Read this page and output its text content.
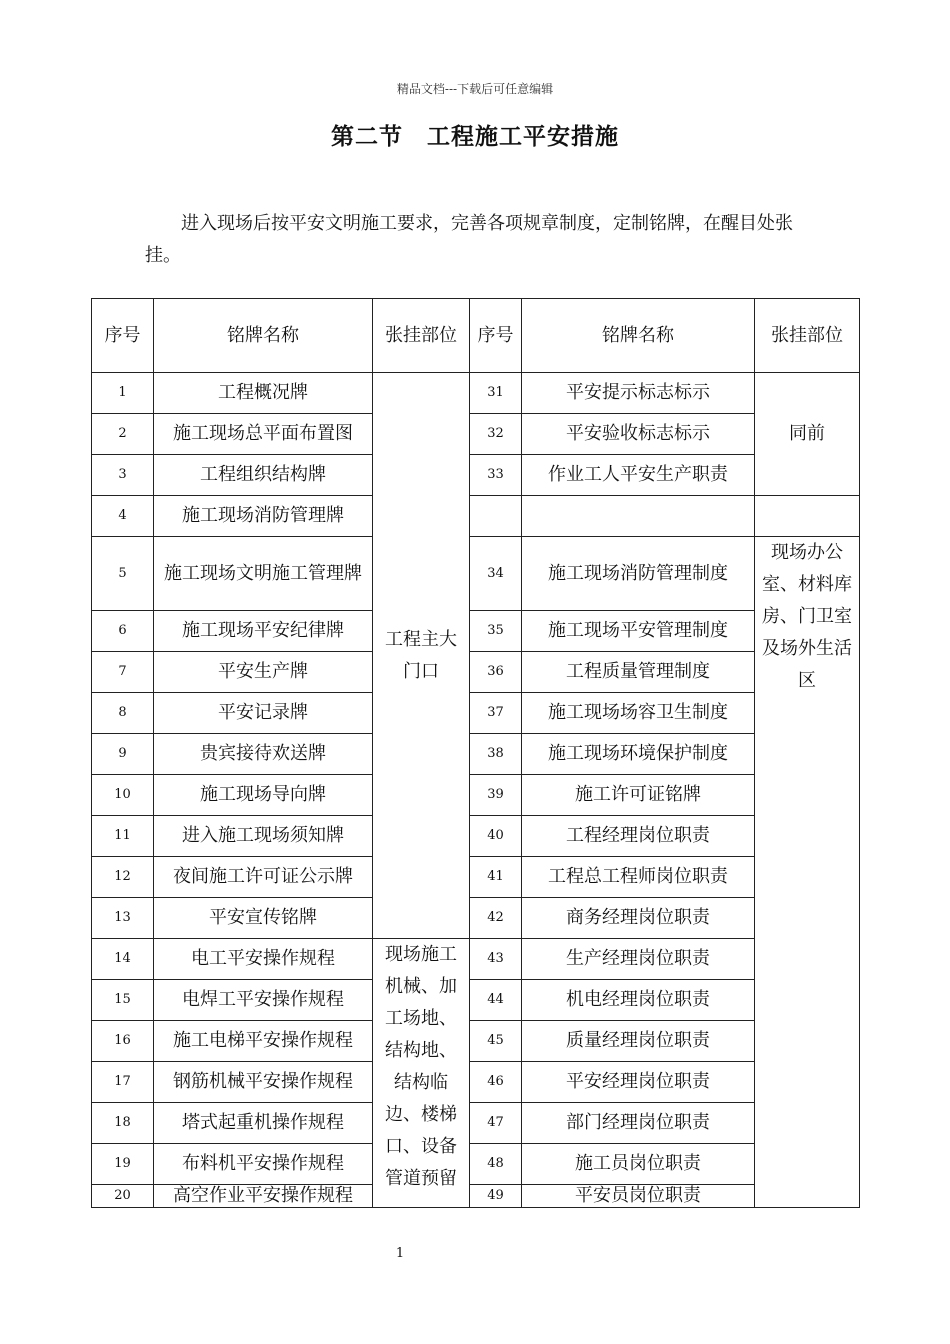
精品文档---下载后可任意编辑
第二节　工程施工平安措施
进入现场后按平安文明施工要求，完善各项规章制度，定制铭牌，在醒目处张挂。
序号	铭牌名称	张挂部位	序号	铭牌名称	张挂部位
1	工程概况牌	工程主大门口	31	平安提示标志标示	同前
2	施工现场总平面布置图		32	平安验收标志标示	
3	工程组织结构牌		33	作业工人平安生产职责	
4	施工现场消防管理牌				
5	施工现场文明施工管理牌		34	施工现场消防管理制度	现场办公室、材料库房、门卫室及场外生活区
6	施工现场平安纪律牌		35	施工现场平安管理制度	
7	平安生产牌		36	工程质量管理制度	
8	平安记录牌		37	施工现场场容卫生制度	
9	贵宾接待欢送牌		38	施工现场环境保护制度	
10	施工现场导向牌		39	施工许可证铭牌	
11	进入施工现场须知牌		40	工程经理岗位职责	
12	夜间施工许可证公示牌		41	工程总工程师岗位职责	
13	平安宣传铭牌		42	商务经理岗位职责	
14	电工平安操作规程	现场施工机械、加工场地、结构地、结构临边、楼梯口、设备管道预留	43	生产经理岗位职责	
15	电焊工平安操作规程		44	机电经理岗位职责	
16	施工电梯平安操作规程		45	质量经理岗位职责	
17	钢筋机械平安操作规程		46	平安经理岗位职责	
18	塔式起重机操作规程		47	部门经理岗位职责	
19	布料机平安操作规程		48	施工员岗位职责	
20	高空作业平安操作规程		49	平安员岗位职责	
1
